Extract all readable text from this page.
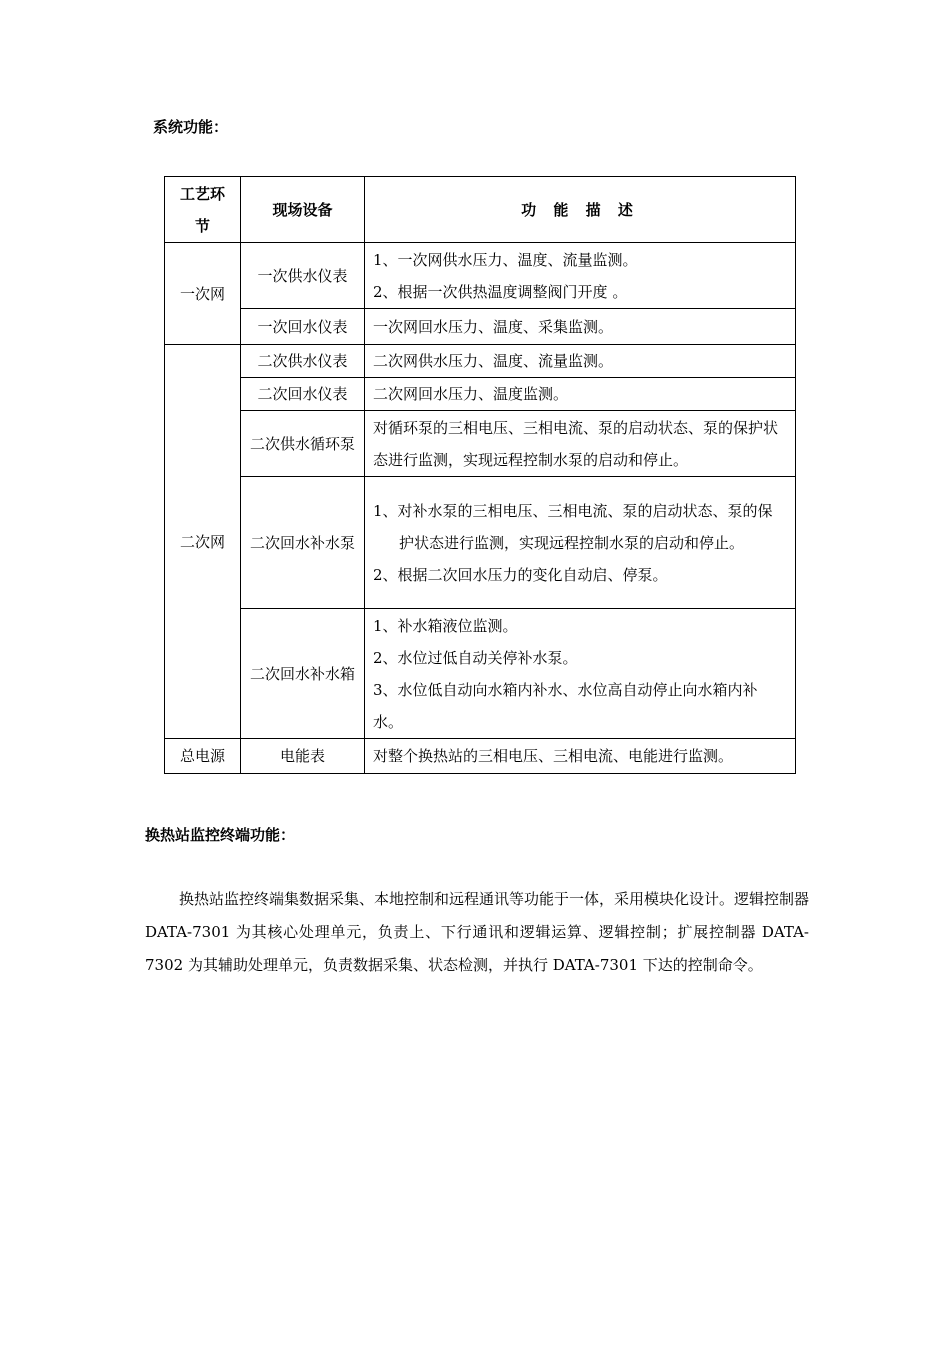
系统功能：
工艺环节	现场设备	功 能 描 述
一次网	一次供水仪表	1、一次网供水压力、温度、流量监测。
2、根据一次供热温度调整阀门开度 。

	一次回水仪表	一次网回水压力、温度、采集监测。
二次网	二次供水仪表	二次网供水压力、温度、流量监测。
	二次回水仪表	二次网回水压力、温度监测。
	二次供水循环泵	对循环泵的三相电压、三相电流、泵的启动状态、泵的保护状态进行监测，实现远程控制水泵的启动和停止。
	二次回水补水泵	1、对补水泵的三相电压、三相电流、泵的启动状态、泵的保护状态进行监测，实现远程控制水泵的启动和停止。
2、根据二次回水压力的变化自动启、停泵。

	二次回水补水箱	1、补水箱液位监测。
2、水位过低自动关停补水泵。
3、水位低自动向水箱内补水、水位高自动停止向水箱内补水。

总电源	电能表	对整个换热站的三相电压、三相电流、电能进行监测。
换热站监控终端功能：

换热站监控终端集数据采集、本地控制和远程通讯等功能于一体，采用模块化设计。逻辑控制器 DATA-7301 为其核心处理单元，负责上、下行通讯和逻辑运算、逻辑控制；扩展控制器 DATA-7302 为其辅助处理单元，负责数据采集、状态检测，并执行 DATA-7301 下达的控制命令。
